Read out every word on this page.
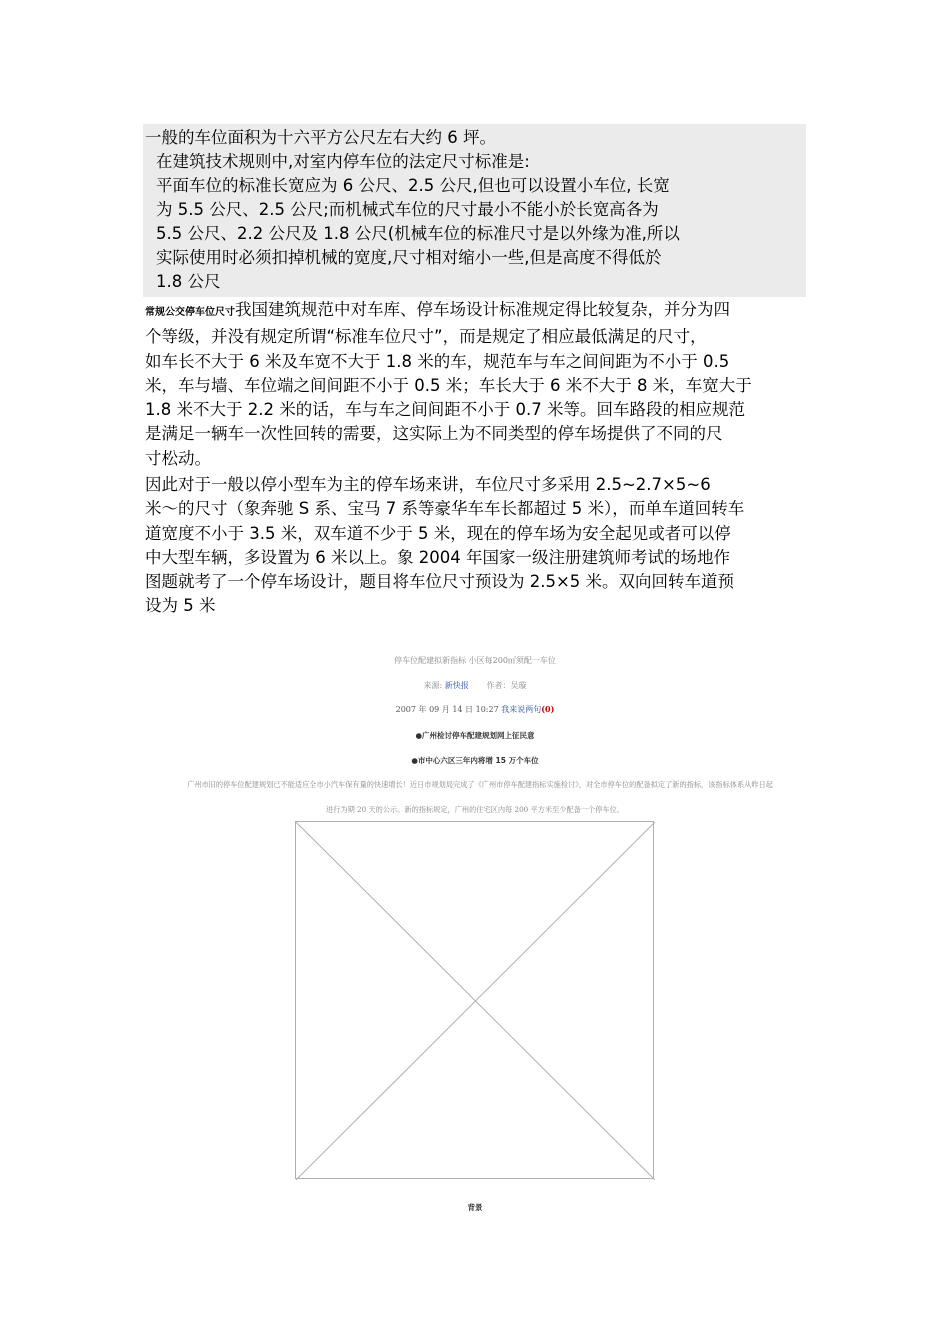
一般的车位面积为十六平方公尺左右大约 6 坪。
在建筑技术规则中,对室内停车位的法定尺寸标准是:
平面车位的标准长宽应为 6 公尺、2.5 公尺,但也可以设置小车位, 长宽
为 5.5 公尺、2.5 公尺;而机械式车位的尺寸最小不能小於长宽高各为
5.5 公尺、2.2 公尺及 1.8 公尺(机械车位的标准尺寸是以外缘为准,所以
实际使用时必须扣掉机械的宽度,尺寸相对缩小一些,但是高度不得低於
1.8 公尺
常规公交停车位尺寸我国建筑规范中对车库、停车场设计标准规定得比较复杂，并分为四
个等级，并没有规定所谓“标准车位尺寸”，而是规定了相应最低满足的尺寸，
如车长不大于 6 米及车宽不大于 1.8 米的车，规范车与车之间间距为不小于 0.5
米，车与墙、车位端之间间距不小于 0.5 米；车长大于 6 米不大于 8 米，车宽大于
1.8 米不大于 2.2 米的话，车与车之间间距不小于 0.7 米等。回车路段的相应规范
是满足一辆车一次性回转的需要，这实际上为不同类型的停车场提供了不同的尺
寸松动。
因此对于一般以停小型车为主的停车场来讲，车位尺寸多采用 2.5~2.7×5~6
米～的尺寸（象奔驰 S 系、宝马 7 系等豪华车车长都超过 5 米），而单车道回转车
道宽度不小于 3.5 米，双车道不少于 5 米，现在的停车场为安全起见或者可以停
中大型车辆，多设置为 6 米以上。象 2004 年国家一级注册建筑师考试的场地作
图题就考了一个停车场设计，题目将车位尺寸预设为 2.5×5 米。双向回转车道预
设为 5 米
停车位配建拟新指标 小区每200㎡须配一车位
来源: 新快报 作者：吴璇
2007 年 09 月 14 日 10:27 我来说两句(0)
●广州检讨停车配建规划网上征民意
●市中心六区三年内将增 15 万个车位
广州市旧的停车位配建规划已不能适应全市小汽车保有量的快速增长！近日市规划局完成了《广州市停车配建指标实施检讨》，对全市停车位的配备拟定了新的指标，该指标体系从昨日起
进行为期 20 天的公示。新的指标规定，广州的住宅区内每 200 平方米至少配备一个停车位。
背景
